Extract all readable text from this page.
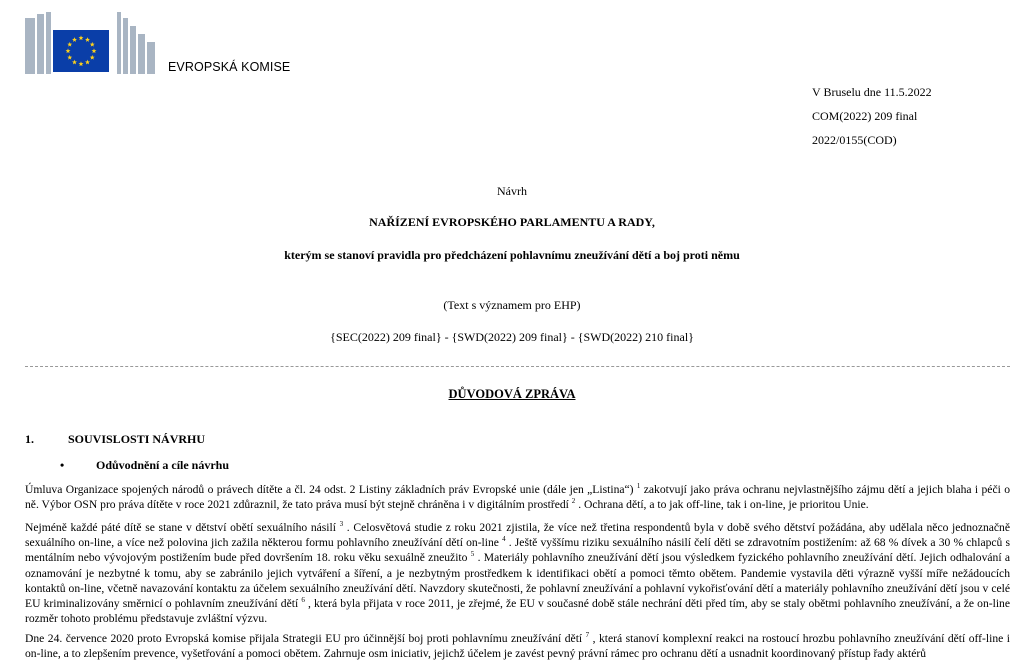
EVROPSKÁ KOMISE
V Bruselu dne 11.5.2022
COM(2022) 209 final
2022/0155(COD)
Návrh
NAŘÍZENÍ EVROPSKÉHO PARLAMENTU A RADY,
kterým se stanoví pravidla pro předcházení pohlavnímu zneužívání dětí a boj proti němu
(Text s významem pro EHP)
{SEC(2022) 209 final} - {SWD(2022) 209 final} - {SWD(2022) 210 final}
DŮVODOVÁ ZPRÁVA
1.	SOUVISLOSTI NÁVRHU
•	Odůvodnění a cíle návrhu

Úmluva Organizace spojených národů o právech dítěte a čl. 24 odst. 2 Listiny základních práv Evropské unie (dále jen „Listina“) $^1$ zakotvují jako práva ochranu nejvlastnějšího zájmu dětí a jejich blaha i péči o ně. Výbor OSN pro práva dítěte v roce 2021 zdůraznil, že tato práva musí být stejně chráněna i v digitálním prostředí $^2$ . Ochrana dětí, a to jak off-line, tak i on-line, je prioritou Unie.

Nejméně každé páté dítě se stane v dětství obětí sexuálního násilí $^3$ . Celosvětová studie z roku 2021 zjistila, že více než třetina respondentů byla v době svého dětství požádána, aby udělala něco jednoznačně sexuálního on-line, a více než polovina jich zažila některou formu pohlavního zneužívání dětí on-line $^4$ . Ještě vyššímu riziku sexuálního násilí čelí děti se zdravotním postižením: až 68 % dívek a 30 % chlapců s mentálním nebo vývojovým postižením bude před dovršením 18. roku věku sexuálně zneužito $^5$ . Materiály pohlavního zneužívání dětí jsou výsledkem fyzického pohlavního zneužívání dětí. Jejich odhalování a oznamování je nezbytné k tomu, aby se zabránilo jejich vytváření a šíření, a je nezbytným prostředkem k identifikaci obětí a pomoci těmto obětem. Pandemie vystavila děti výrazně vyšší míře nežádoucích kontaktů on-line, včetně navazování kontaktu za účelem sexuálního zneužívání dětí. Navzdory skutečnosti, že pohlavní zneužívání a pohlavní vykořisťování dětí a materiály pohlavního zneužívání dětí jsou v celé EU kriminalizovány směrnicí o pohlavním zneužívání dětí $^6$ , která byla přijata v roce 2011, je zřejmé, že EU v současné době stále nechrání děti před tím, aby se staly obětmi pohlavního zneužívání, a že on-line rozměr tohoto problému představuje zvláštní výzvu.

Dne 24. července 2020 proto Evropská komise přijala Strategii EU pro účinnější boj proti pohlavnímu zneužívání dětí $^7$ , která stanoví komplexní reakci na rostoucí hrozbu pohlavního zneužívání dětí off-line i on-line, a to zlepšením prevence, vyšetřování a pomoci obětem. Zahrnuje osm iniciativ, jejichž účelem je zavést pevný právní rámec pro ochranu dětí a usnadnit koordinovaný přístup řady aktérů
